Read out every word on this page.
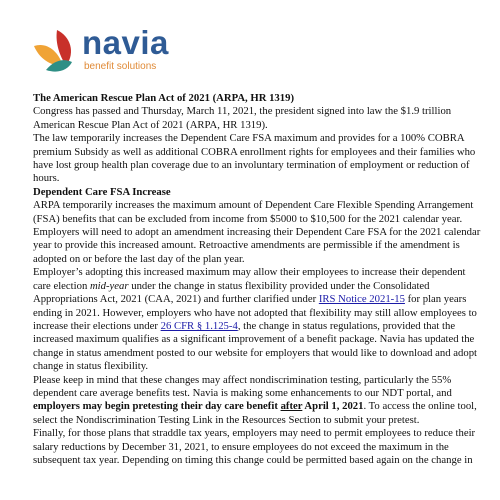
navia
benefit solutions
The American Rescue Plan Act of 2021 (ARPA, HR 1319)

Congress has passed and Thursday, March 11, 2021, the president signed into law the $1.9 trillion American Rescue Plan Act of 2021 (ARPA, HR 1319).

The law temporarily increases the Dependent Care FSA maximum and provides for a 100% COBRA premium Subsidy as well as additional COBRA enrollment rights for employees and their families who have lost group health plan coverage due to an involuntary termination of employment or reduction of hours.

Dependent Care FSA Increase

ARPA temporarily increases the maximum amount of Dependent Care Flexible Spending Arrangement (FSA) benefits that can be excluded from income from $5000 to $10,500 for the 2021 calendar year. Employers will need to adopt an amendment increasing their Dependent Care FSA for the 2021 calendar year to provide this increased amount. Retroactive amendments are permissible if the amendment is adopted on or before the last day of the plan year.

Employer’s adopting this increased maximum may allow their employees to increase their dependent care election mid-year under the change in status flexibility provided under the Consolidated Appropriations Act, 2021 (CAA, 2021) and further clarified under IRS Notice 2021-15 for plan years ending in 2021. However, employers who have not adopted that flexibility may still allow employees to increase their elections under 26 CFR § 1.125-4, the change in status regulations, provided that the increased maximum qualifies as a significant improvement of a benefit package. Navia has updated the change in status amendment posted to our website for employers that would like to download and adopt change in status flexibility.

Please keep in mind that these changes may affect nondiscrimination testing, particularly the 55% dependent care average benefits test. Navia is making some enhancements to our NDT portal, and employers may begin pretesting their day care benefit after April 1, 2021. To access the online tool, select the Nondiscrimination Testing Link in the Resources Section to submit your pretest.

Finally, for those plans that straddle tax years, employers may need to permit employees to reduce their salary reductions by December 31, 2021, to ensure employees do not exceed the maximum in the subsequent tax year. Depending on timing this change could be permitted based again on the change in
